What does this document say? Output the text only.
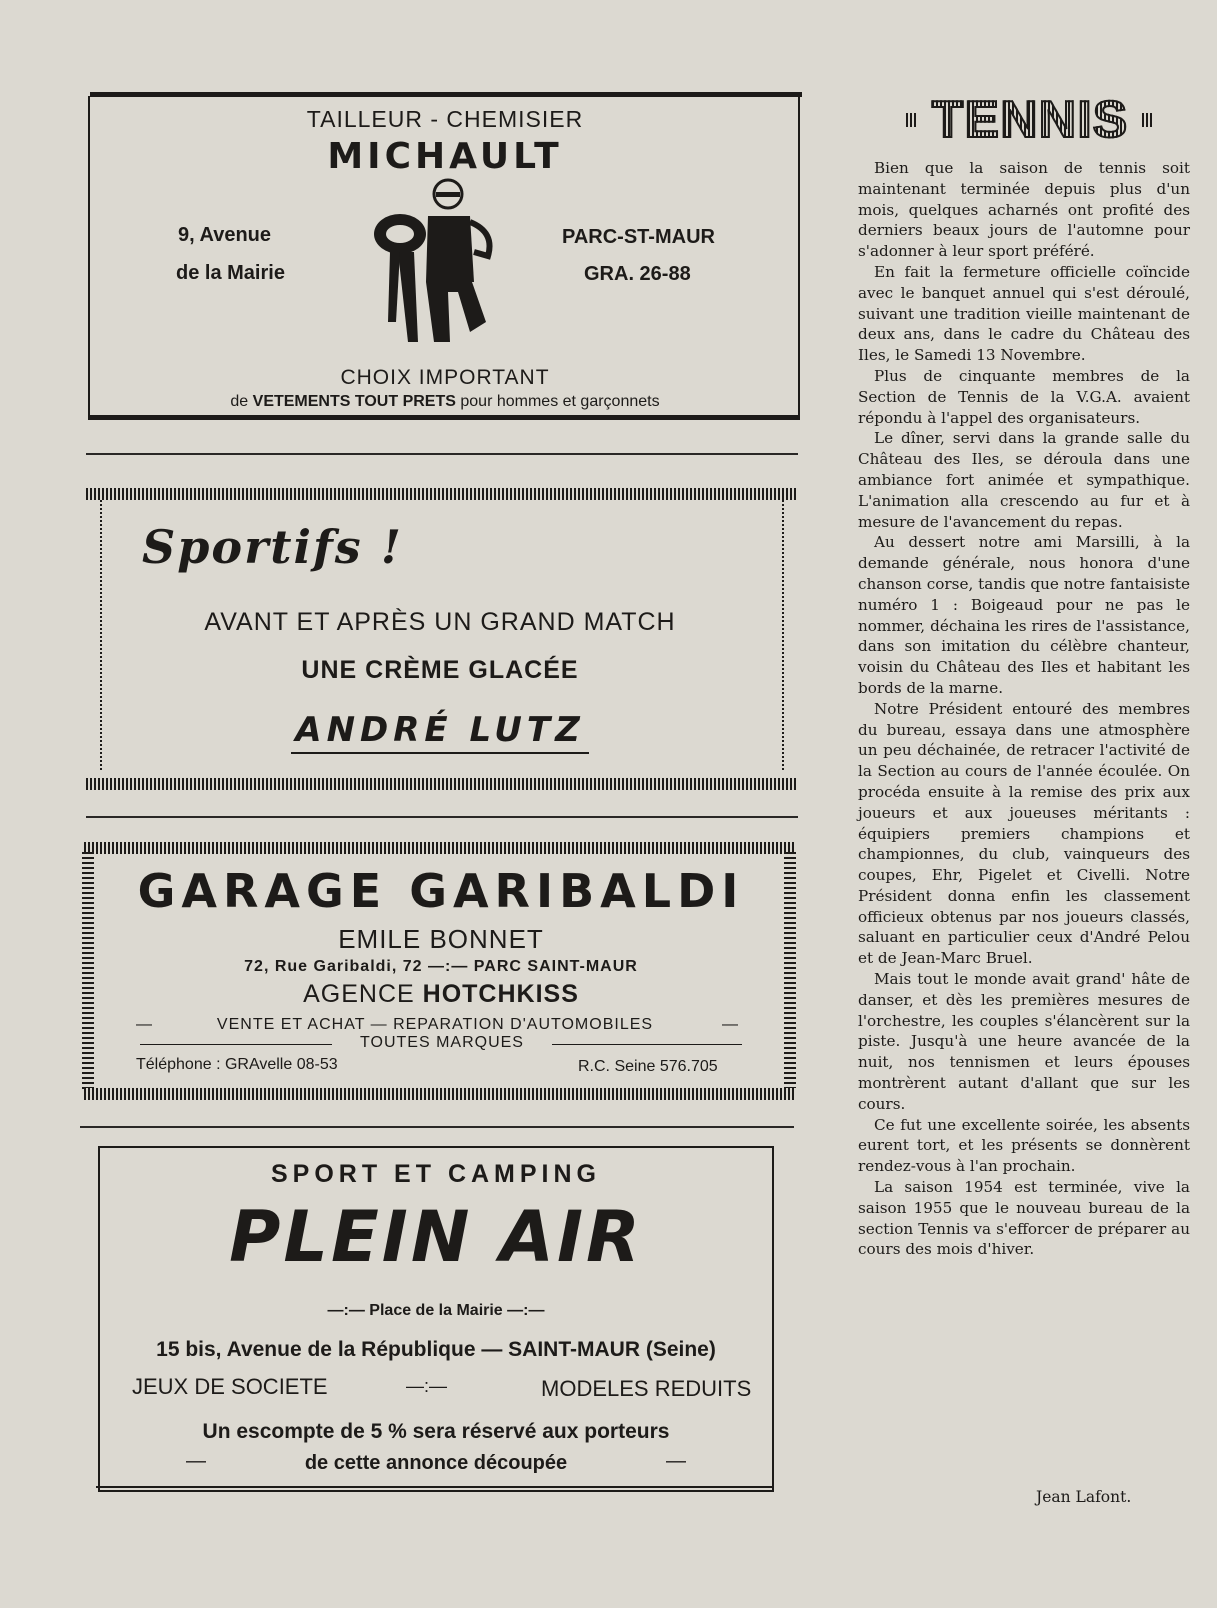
TAILLEUR - CHEMISIER
MICHAULT
9, Avenue
de la Mairie
PARC-ST-MAUR
GRA. 26-88
CHOIX IMPORTANT
de VETEMENTS TOUT PRETS pour hommes et garçonnets
Sportifs !
AVANT ET APRÈS UN GRAND MATCH
UNE CRÈME GLACÉE
ANDRÉ LUTZ
GARAGE GARIBALDI
EMILE BONNET
72, Rue Garibaldi, 72 —:— PARC SAINT-MAUR
AGENCE HOTCHKISS
—	VENTE ET ACHAT — REPARATION D'AUTOMOBILES	—
TOUTES MARQUES
Téléphone : GRAvelle 08-53	R.C. Seine 576.705
SPORT ET CAMPING
PLEIN AIR
—:— Place de la Mairie —:—
15 bis, Avenue de la République — SAINT-MAUR (Seine)
JEUX DE SOCIETE	—:—	MODELES REDUITS
Un escompte de 5 % sera réservé aux porteurs
—	de cette annonce découpée	—
TENNIS

Bien que la saison de tennis soit maintenant terminée depuis plus d'un mois, quelques acharnés ont profité des derniers beaux jours de l'automne pour s'adonner à leur sport préféré.

En fait la fermeture officielle coïncide avec le banquet annuel qui s'est déroulé, suivant une tradition vieille maintenant de deux ans, dans le cadre du Château des Iles, le Samedi 13 Novembre.

Plus de cinquante membres de la Section de Tennis de la V.G.A. avaient répondu à l'appel des organisateurs.

Le dîner, servi dans la grande salle du Château des Iles, se déroula dans une ambiance fort animée et sympathique. L'animation alla crescendo au fur et à mesure de l'avancement du repas.

Au dessert notre ami Marsilli, à la demande générale, nous honora d'une chanson corse, tandis que notre fantaisiste numéro 1 : Boigeaud pour ne pas le nommer, déchaina les rires de l'assistance, dans son imitation du célèbre chanteur, voisin du Château des Iles et habitant les bords de la marne.

Notre Président entouré des membres du bureau, essaya dans une atmosphère un peu déchainée, de retracer l'activité de la Section au cours de l'année écoulée. On procéda ensuite à la remise des prix aux joueurs et aux joueuses méritants : équipiers premiers champions et championnes, du club, vainqueurs des coupes, Ehr, Pigelet et Civelli. Notre Président donna enfin les classement officieux obtenus par nos joueurs classés, saluant en particulier ceux d'André Pelou et de Jean-Marc Bruel.

Mais tout le monde avait grand' hâte de danser, et dès les premières mesures de l'orchestre, les couples s'élancèrent sur la piste. Jusqu'à une heure avancée de la nuit, nos tennismen et leurs épouses montrèrent autant d'allant que sur les cours.

Ce fut une excellente soirée, les absents eurent tort, et les présents se donnèrent rendez-vous à l'an prochain.

La saison 1954 est terminée, vive la saison 1955 que le nouveau bureau de la section Tennis va s'efforcer de préparer au cours des mois d'hiver.

Jean Lafont.
